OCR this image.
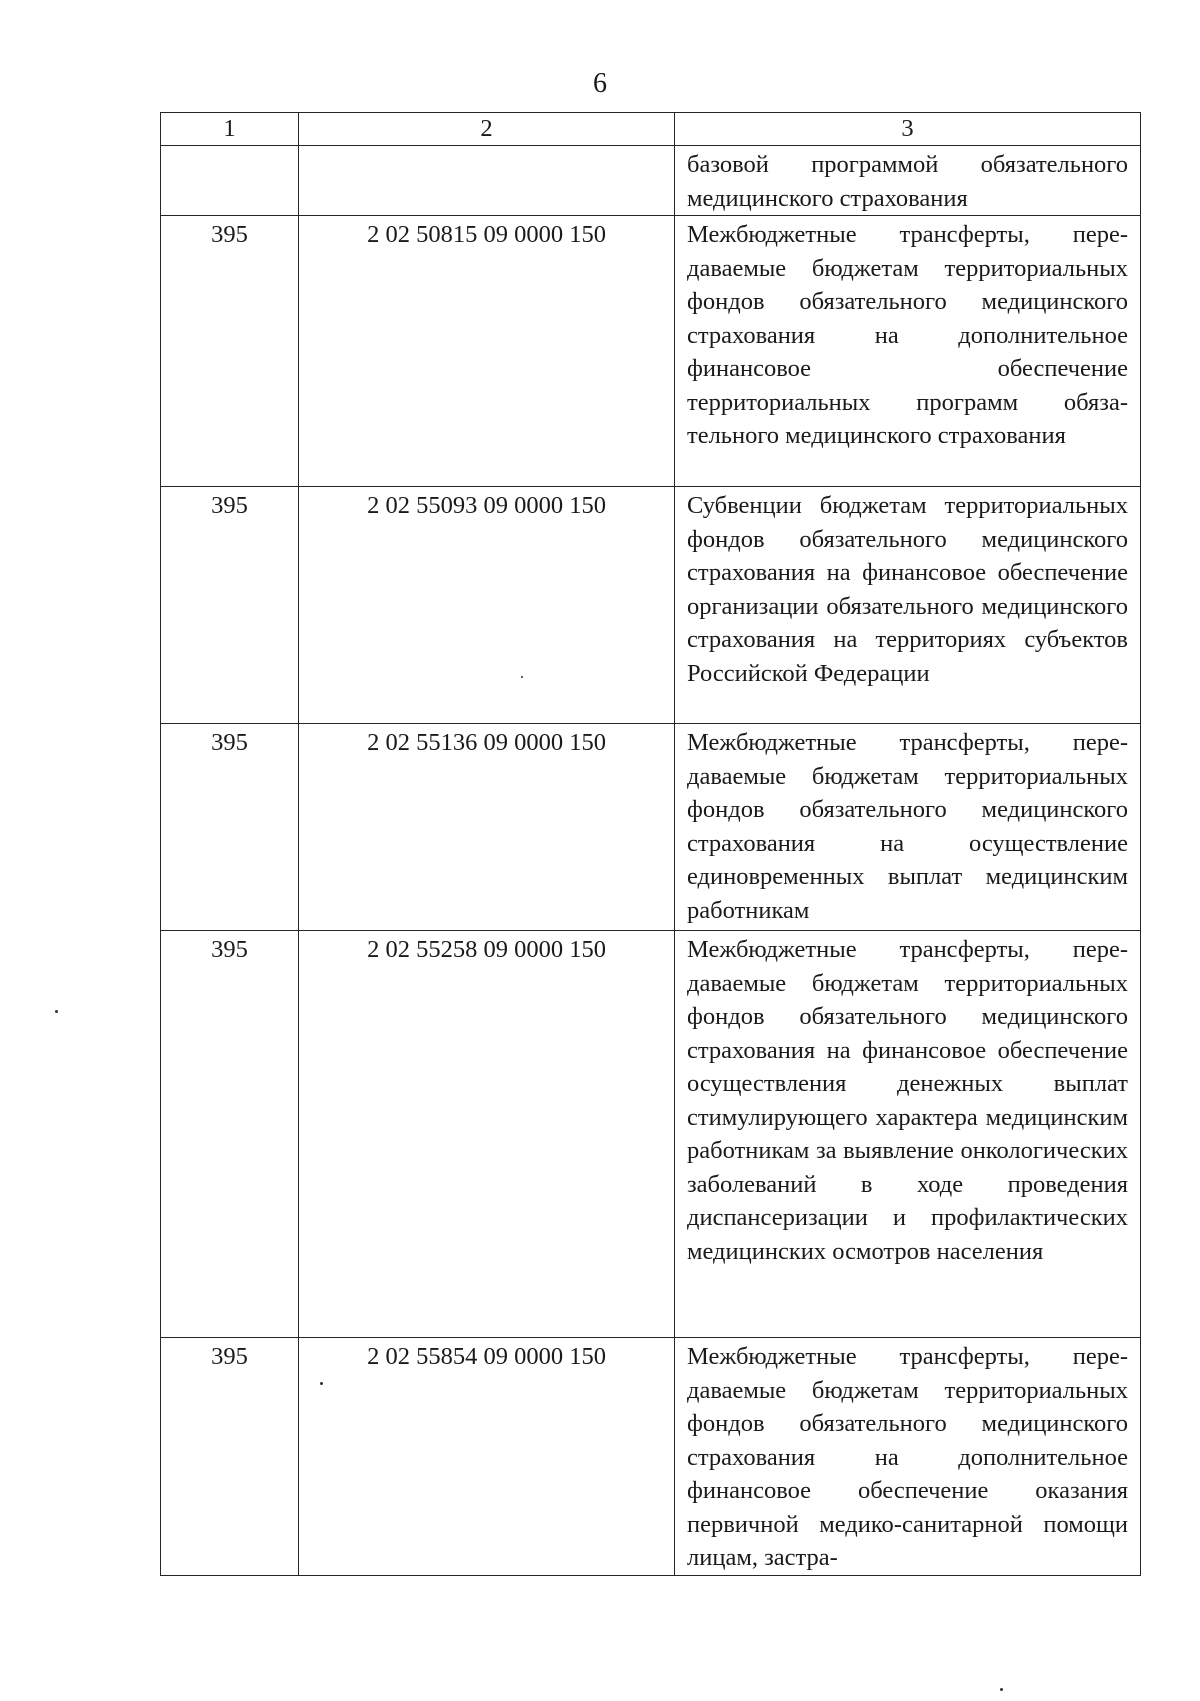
6
1	2	3
		базовой программой обязательного медицинского страхования
395	2 02 50815 09 0000 150	Межбюджетные трансферты, передаваемые бюджетам территориальных фондов обязательного медицинского страхования на дополнительное финансовое обеспечение территориальных программ обязательного медицинского страхования
395	2 02 55093 09 0000 150	Субвенции бюджетам территориальных фондов обязательного медицинского страхования на финансовое обеспечение организации обязательного медицинского страхования на территориях субъектов Российской Федерации
395	2 02 55136 09 0000 150	Межбюджетные трансферты, передаваемые бюджетам территориальных фондов обязательного медицинского страхования на осуществление единовременных выплат медицинским работникам
395	2 02 55258 09 0000 150	Межбюджетные трансферты, передаваемые бюджетам территориальных фондов обязательного медицинского страхования на финансовое обеспечение осуществления денежных выплат стимулирующего характера медицинским работникам за выявление онкологических заболеваний в ходе проведения диспансеризации и профилактических медицинских осмотров населения
395	2 02 55854 09 0000 150	Межбюджетные трансферты, передаваемые бюджетам территориальных фондов обязательного медицинского страхования на дополнительное финансовое обеспечение оказания первичной медико-санитарной помощи лицам, застра-
